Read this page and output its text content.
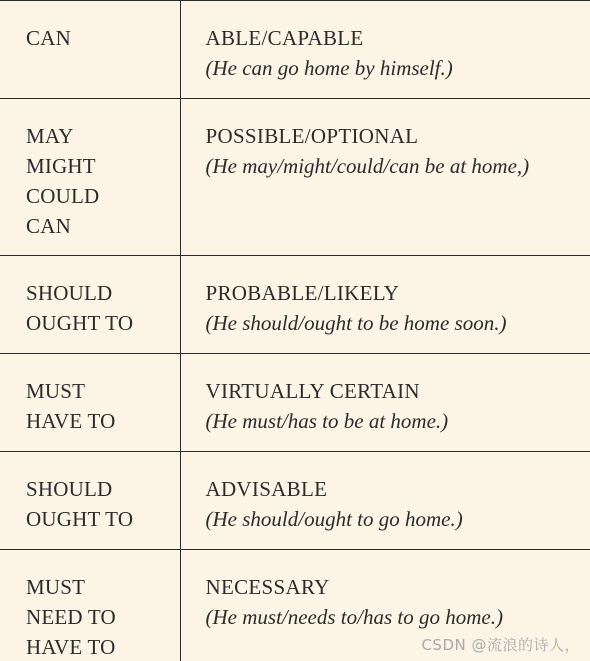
CAN	ABLE/CAPABLE
(He can go home by himself.)

MAY
MIGHT
COULD
CAN	POSSIBLE/OPTIONAL
(He may/might/could/can be at home,)

SHOULD
OUGHT TO	PROBABLE/LIKELY
(He should/ought to be home soon.)

MUST
HAVE TO	VIRTUALLY CERTAIN
(He must/has to be at home.)

SHOULD
OUGHT TO	ADVISABLE
(He should/ought to go home.)

MUST
NEED TO
HAVE TO	NECESSARY
(He must/needs to/has to go home.)
CSDN @流浪的诗人，
